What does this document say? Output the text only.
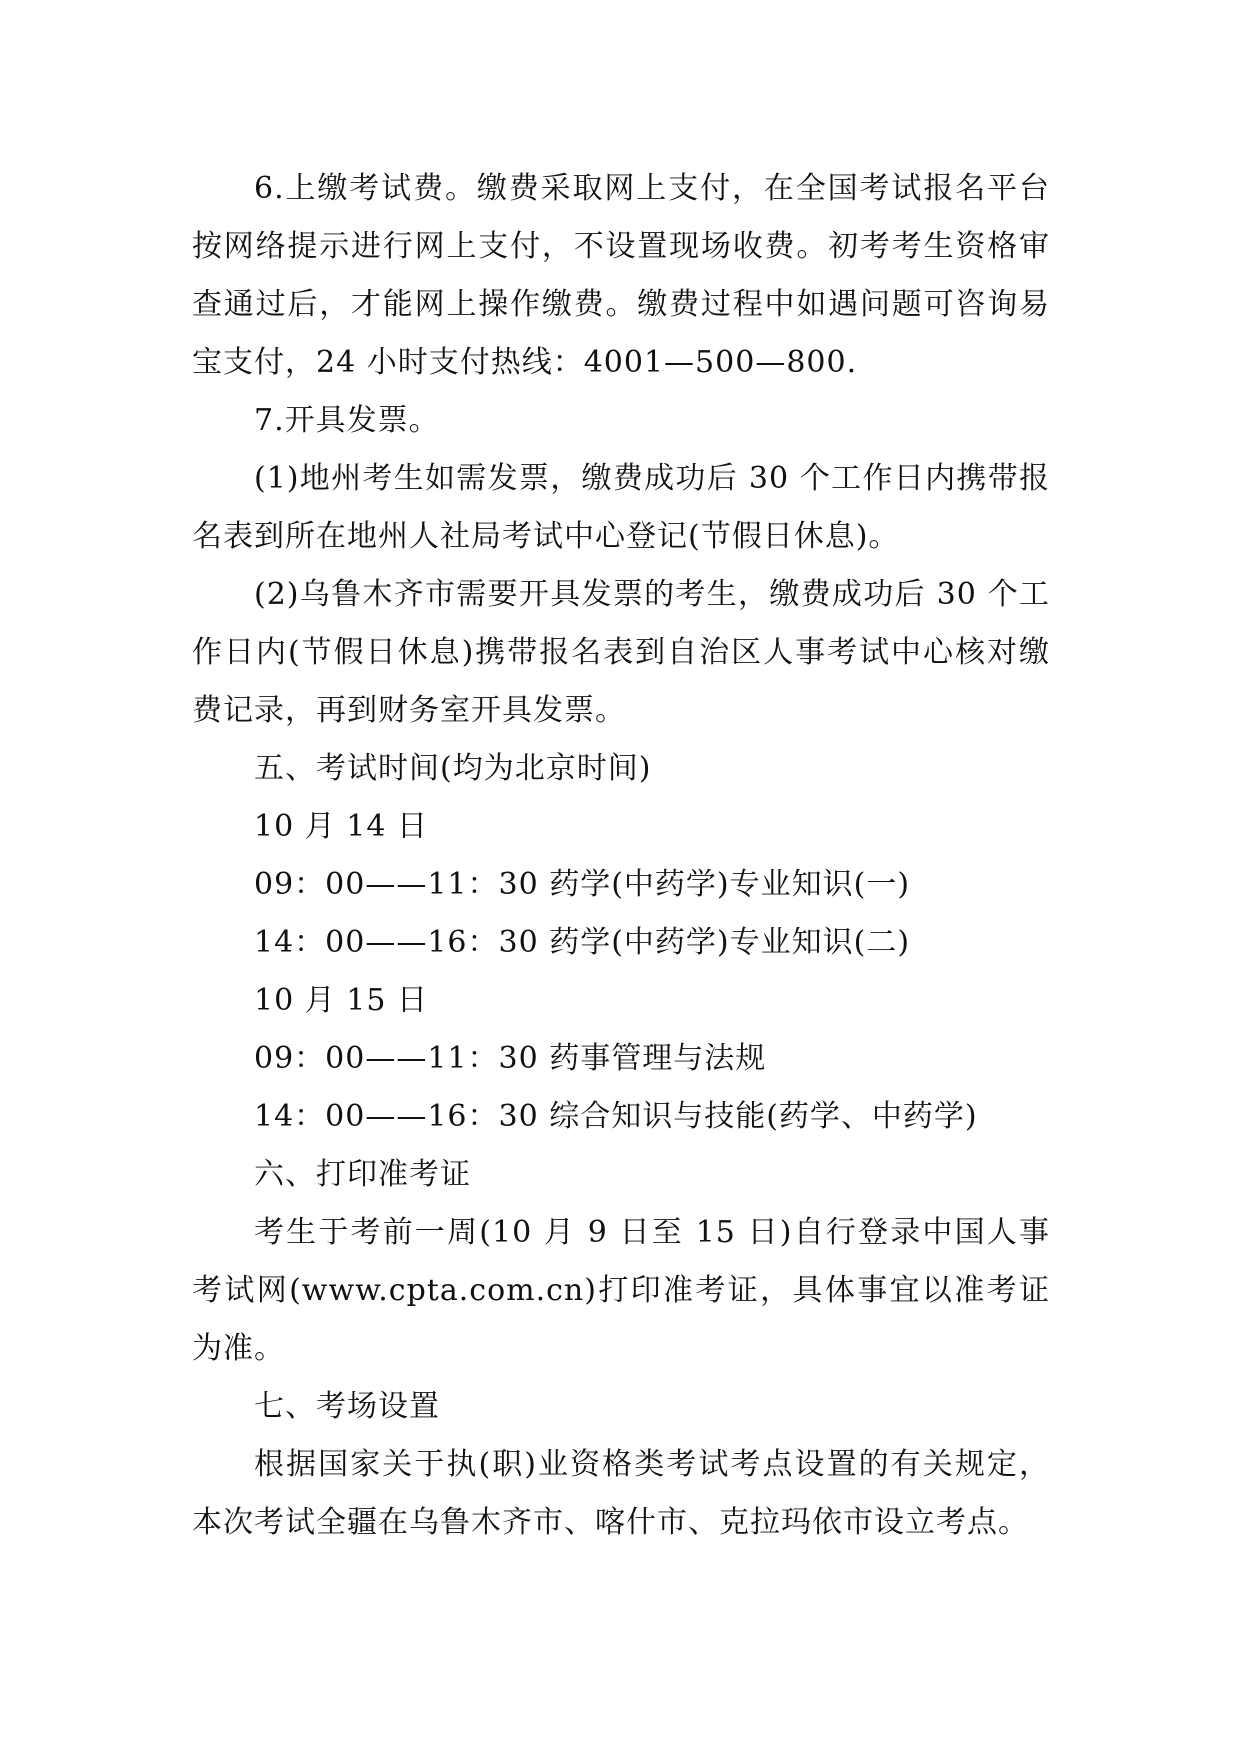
6.上缴考试费。缴费采取网上支付，在全国考试报名平台按网络提示进行网上支付，不设置现场收费。初考考生资格审查通过后，才能网上操作缴费。缴费过程中如遇问题可咨询易宝支付，24 小时支付热线：4001—500—800.

7.开具发票。

(1)地州考生如需发票，缴费成功后 30 个工作日内携带报名表到所在地州人社局考试中心登记(节假日休息)。

(2)乌鲁木齐市需要开具发票的考生，缴费成功后 30 个工作日内(节假日休息)携带报名表到自治区人事考试中心核对缴费记录，再到财务室开具发票。

五、考试时间(均为北京时间)

10 月 14 日

09：00——11：30 药学(中药学)专业知识(一)

14：00——16：30 药学(中药学)专业知识(二)

10 月 15 日

09：00——11：30 药事管理与法规

14：00——16：30 综合知识与技能(药学、中药学)

六、打印准考证

考生于考前一周(10 月 9 日至 15 日)自行登录中国人事考试网(www.cpta.com.cn)打印准考证，具体事宜以准考证为准。

七、考场设置

根据国家关于执(职)业资格类考试考点设置的有关规定，本次考试全疆在乌鲁木齐市、喀什市、克拉玛依市设立考点。
